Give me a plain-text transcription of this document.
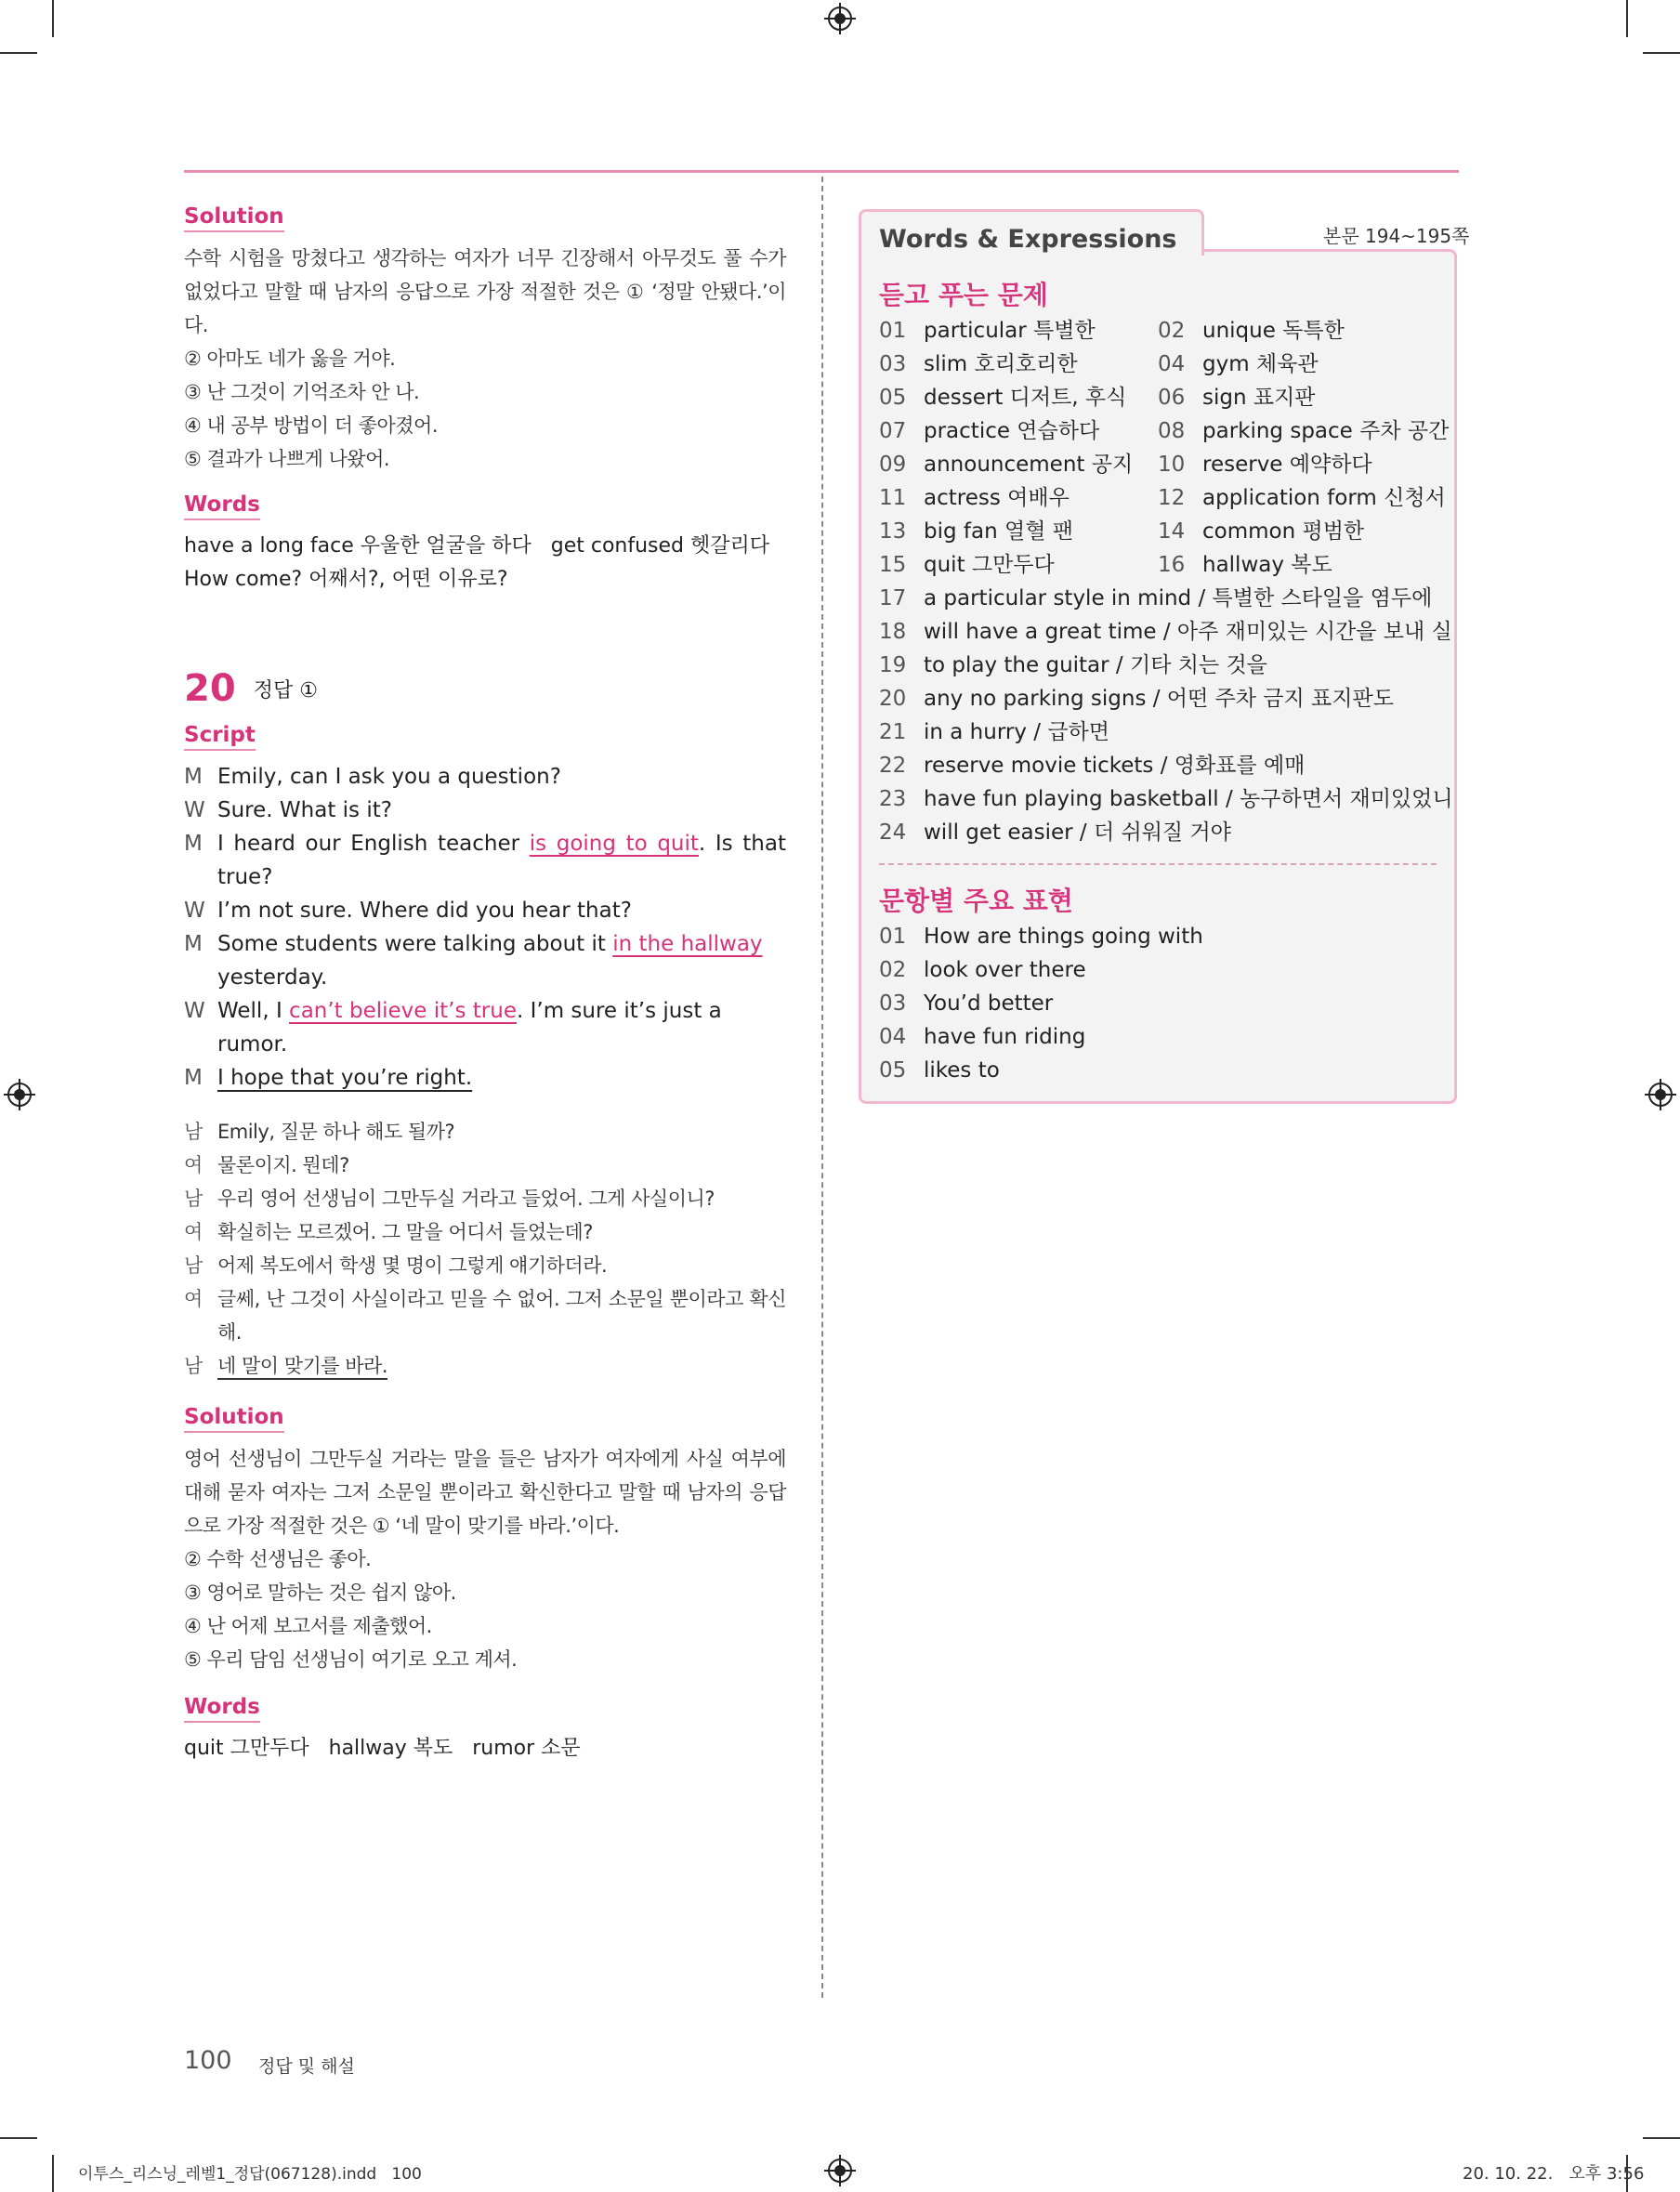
Solution
수학 시험을 망쳤다고 생각하는 여자가 너무 긴장해서 아무것도 풀 수가 없었다고 말할 때 남자의 응답으로 가장 적절한 것은 ① ‘정말 안됐다.’이다.
② 아마도 네가 옳을 거야.
③ 난 그것이 기억조차 안 나.
④ 내 공부 방법이 더 좋아졌어.
⑤ 결과가 나쁘게 나왔어.
Words
have a long face 우울한 얼굴을 하다   get confused 헷갈리다
How come? 어째서?, 어떤 이유로?
20 정답 ①
Script
M Emily, can I ask you a question?
W Sure. What is it?
M I heard our English teacher is going to quit. Is that true?
W I’m not sure. Where did you hear that?
M Some students were talking about it in the hallway yesterday.
W Well, I can’t believe it’s true. I’m sure it’s just a rumor.
M I hope that you’re right.
남 Emily, 질문 하나 해도 될까?
여 물론이지. 뭔데?
남 우리 영어 선생님이 그만두실 거라고 들었어. 그게 사실이니?
여 확실히는 모르겠어. 그 말을 어디서 들었는데?
남 어제 복도에서 학생 몇 명이 그렇게 얘기하더라.
여 글쎄, 난 그것이 사실이라고 믿을 수 없어. 그저 소문일 뿐이라고 확신해.
남 네 말이 맞기를 바라.
Solution
영어 선생님이 그만두실 거라는 말을 들은 남자가 여자에게 사실 여부에 대해 묻자 여자는 그저 소문일 뿐이라고 확신한다고 말할 때 남자의 응답으로 가장 적절한 것은 ① ‘네 말이 맞기를 바라.’이다.
② 수학 선생님은 좋아.
③ 영어로 말하는 것은 쉽지 않아.
④ 난 어제 보고서를 제출했어.
⑤ 우리 담임 선생님이 여기로 오고 계셔.
Words
quit 그만두다   hallway 복도   rumor 소문
Words & Expressions	본문 194~195쪽
듣고 푸는 문제
01 particular 특별한	02 unique 독특한
03 slim 호리호리한	04 gym 체육관
05 dessert 디저트, 후식	06 sign 표지판
07 practice 연습하다	08 parking space 주차 공간
09 announcement 공지	10 reserve 예약하다
11 actress 여배우	12 application form 신청서
13 big fan 열혈 팬	14 common 평범한
15 quit 그만두다	16 hallway 복도
17 a particular style in mind / 특별한 스타일을 염두에
18 will have a great time / 아주 재미있는 시간을 보내 실
19 to play the guitar / 기타 치는 것을
20 any no parking signs / 어떤 주차 금지 표지판도
21 in a hurry / 급하면
22 reserve movie tickets / 영화표를 예매
23 have fun playing basketball / 농구하면서 재미있었니
24 will get easier / 더 쉬워질 거야
문항별 주요 표현
01 How are things going with
02 look over there
03 You’d better
04 have fun riding
05 likes to
100 정답 및 해설
이투스_리스닝_레벨1_정답(067128).indd   100	20. 10. 22.   오후 3:56
